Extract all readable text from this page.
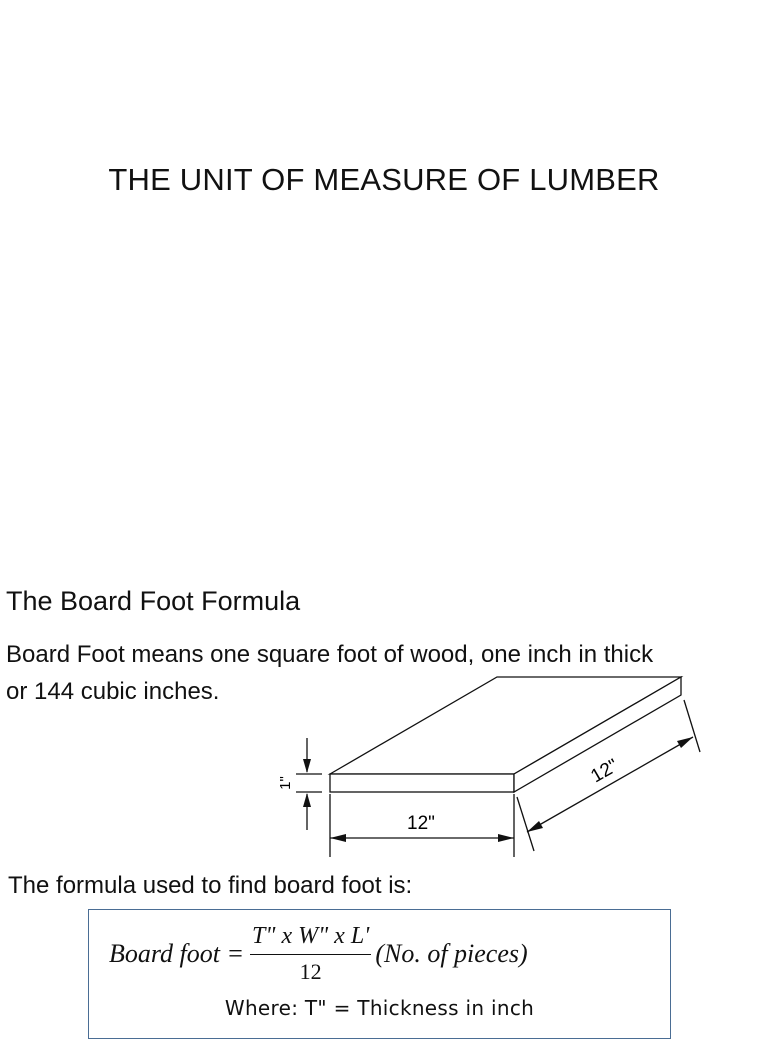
THE UNIT OF MEASURE OF LUMBER
The Board Foot Formula
Board Foot means one square foot of wood, one inch in thick
or 144 cubic inches.
12"
12"
1"
The formula used to find board foot is:
Board foot = $\frac{\text{T" x W" x L'}}{12} (No$. of pieces)
Where: T" = Thickness in inch
